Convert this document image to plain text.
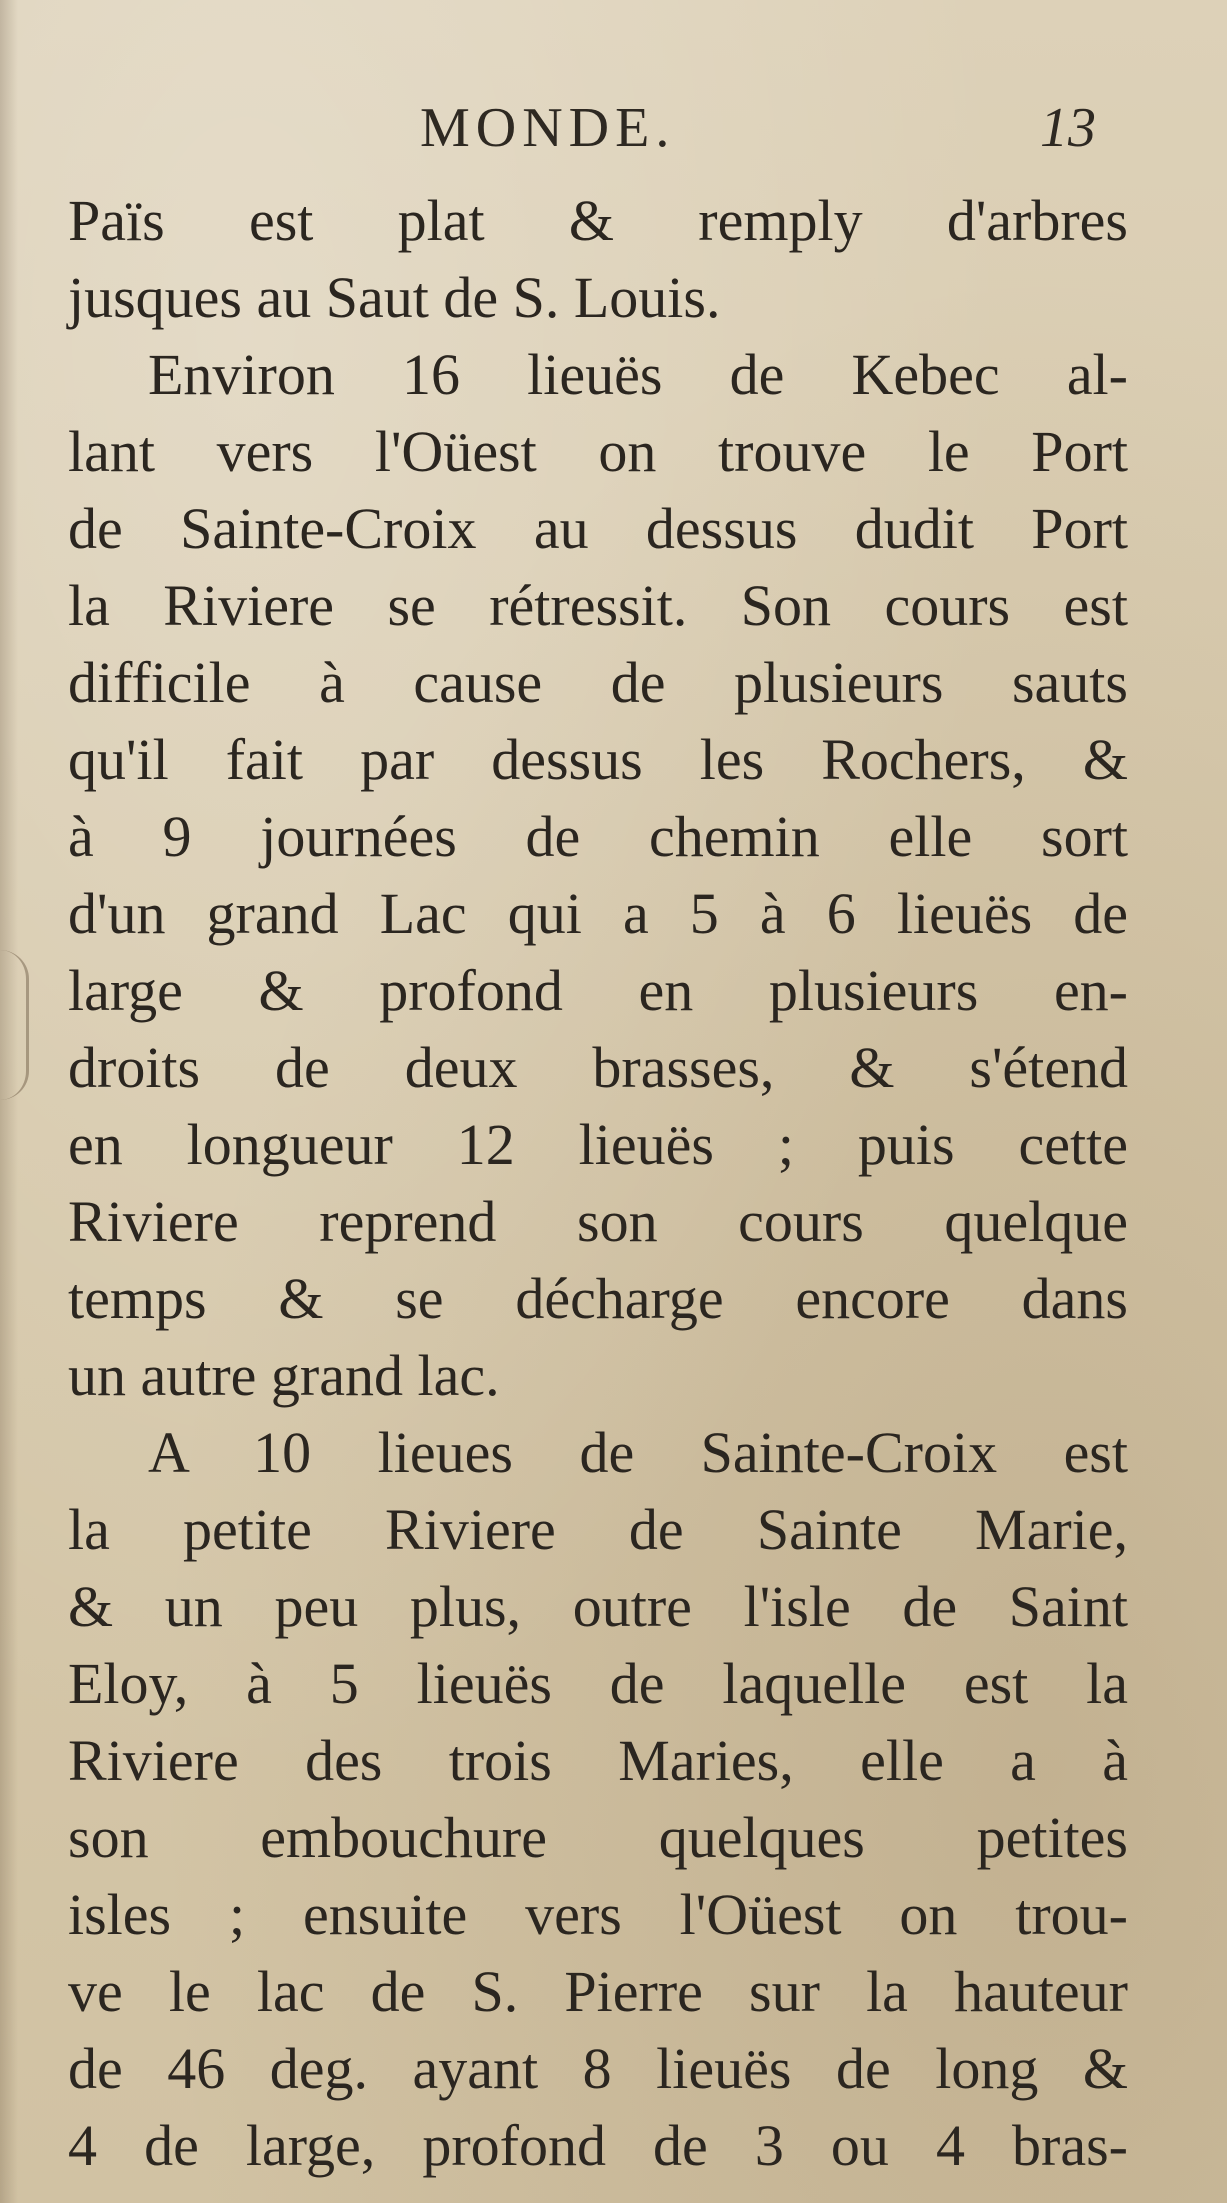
MONDE.	13
Païs est plat & remply d'arbres
jusques au Saut de S. Louis.
Environ 16 lieuës de Kebec al-
lant vers l'Oüest on trouve le Port
de Sainte-Croix au dessus dudit Port
la Riviere se rétressit. Son cours est
difficile à cause de plusieurs sauts
qu'il fait par dessus les Rochers, &
à 9 journées de chemin elle sort
d'un grand Lac qui a 5 à 6 lieuës de
large & profond en plusieurs en-
droits de deux brasses, & s'étend
en longueur 12 lieuës ; puis cette
Riviere reprend son cours quelque
temps & se décharge encore dans
un autre grand lac.
A 10 lieues de Sainte-Croix est
la petite Riviere de Sainte Marie,
& un peu plus, outre l'isle de Saint
Eloy, à 5 lieuës de laquelle est la
Riviere des trois Maries, elle a à
son embouchure quelques petites
isles ; ensuite vers l'Oüest on trou-
ve le lac de S. Pierre sur la hauteur
de 46 deg. ayant 8 lieuës de long &
4 de large, profond de 3 ou 4 bras-
